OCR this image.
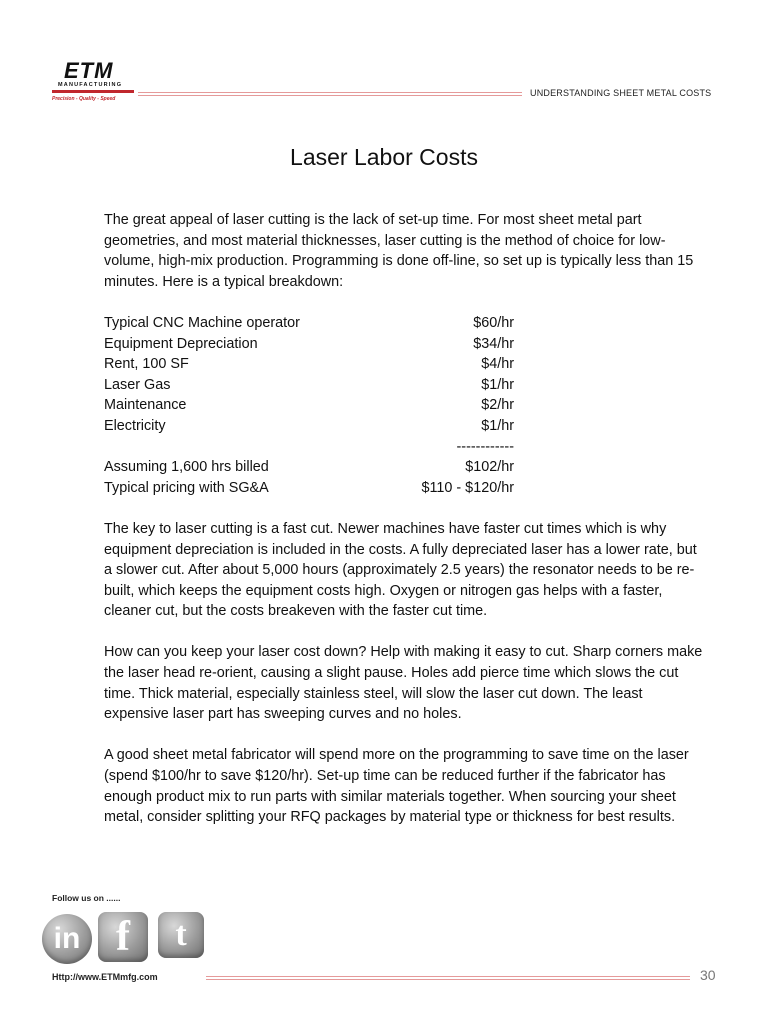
ETM
MANUFACTURING
Precision - Quality - Speed
UNDERSTANDING SHEET METAL COSTS
Laser Labor Costs

The great appeal of laser cutting is the lack of set-up time. For most sheet metal part geometries, and most material thicknesses, laser cutting is the method of choice for low-volume, high-mix production. Programming is done off-line, so set up is typically less than 15 minutes. Here is a typical breakdown:

Typical CNC Machine operator	$60/hr
Equipment Depreciation	$34/hr
Rent, 100 SF	$4/hr
Laser Gas	$1/hr
Maintenance	$2/hr
Electricity	$1/hr
	------------
Assuming 1,600 hrs billed	$102/hr
Typical pricing with SG&A	$110 - $120/hr

The key to laser cutting is a fast cut. Newer machines have faster cut times which is why equipment depreciation is included in the costs. A fully depreciated laser has a lower rate, but a slower cut. After about 5,000 hours (approximately 2.5 years) the resonator needs to be re-built, which keeps the equipment costs high. Oxygen or nitrogen gas helps with a faster, cleaner cut, but the costs breakeven with the faster cut time.

How can you keep your laser cost down? Help with making it easy to cut. Sharp corners make the laser head re-orient, causing a slight pause. Holes add pierce time which slows the cut time. Thick material, especially stainless steel, will slow the laser cut down. The least expensive laser part has sweeping curves and no holes.

A good sheet metal fabricator will spend more on the programming to save time on the laser (spend $100/hr to save $120/hr). Set-up time can be reduced further if the fabricator has enough product mix to run parts with similar materials together. When sourcing your sheet metal, consider splitting your RFQ packages by material type or thickness for best results.

Follow us on ......
in f	t
Http://www.ETMmfg.com	30
